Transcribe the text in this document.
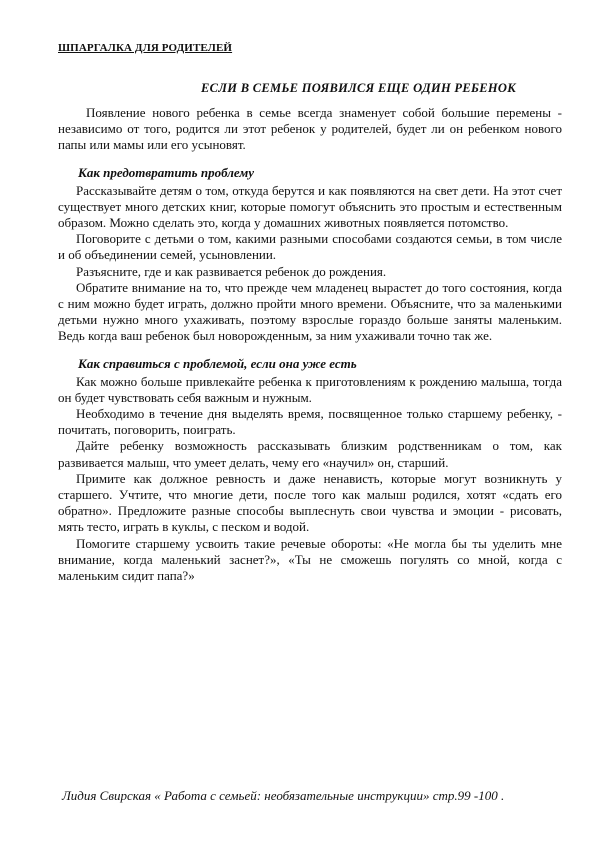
ШПАРГАЛКА ДЛЯ РОДИТЕЛЕЙ

ЕСЛИ В СЕМЬЕ ПОЯВИЛСЯ ЕЩЕ ОДИН РЕБЕНОК

Появление нового ребенка в семье всегда знаменует собой большие перемены - независимо от того, родится ли этот ребенок у родителей, будет ли он ребенком нового папы или мамы или его усыновят.

Как предотвратить проблему

Рассказывайте детям о том, откуда берутся и как появляются на свет дети. На этот счет существует много детских книг, которые помогут объяснить это простым и естественным образом. Можно сделать это, когда у домашних животных появляется потомство.

Поговорите с детьми о том, какими разными способами создаются семьи, в том числе и об объединении семей, усыновлении.

Разъясните, где и как развивается ребенок до рождения.

Обратите внимание на то, что прежде чем младенец вырастет до того состояния, когда с ним можно будет играть, должно пройти много времени. Объясните, что за маленькими детьми нужно много ухаживать, поэтому взрослые гораздо больше заняты маленьким. Ведь когда ваш ребенок был новорожденным, за ним ухаживали точно так же.

Как справиться с проблемой, если она уже есть

Как можно больше привлекайте ребенка к приготовлениям к рождению малыша, тогда он будет чувствовать себя важным и нужным.

Необходимо в течение дня выделять время, посвященное только старшему ребенку, - почитать, поговорить, поиграть.

Дайте ребенку возможность рассказывать близким родственникам о том, как развивается малыш, что умеет делать, чему его «научил» он, старший.

Примите как должное ревность и даже ненависть, которые могут возникнуть у старшего. Учтите, что многие дети, после того как малыш родился, хотят «сдать его обратно». Предложите разные способы выплеснуть свои чувства и эмоции - рисовать, мять тесто, играть в куклы, с песком и водой.

Помогите старшему усвоить такие речевые обороты: «Не могла бы ты уделить мне внимание, когда маленький заснет?», «Ты не сможешь погулять со мной, когда с маленьким сидит папа?»

Лидия Свирская « Работа с семьей: необязательные инструкции» стр.99 -100 .
